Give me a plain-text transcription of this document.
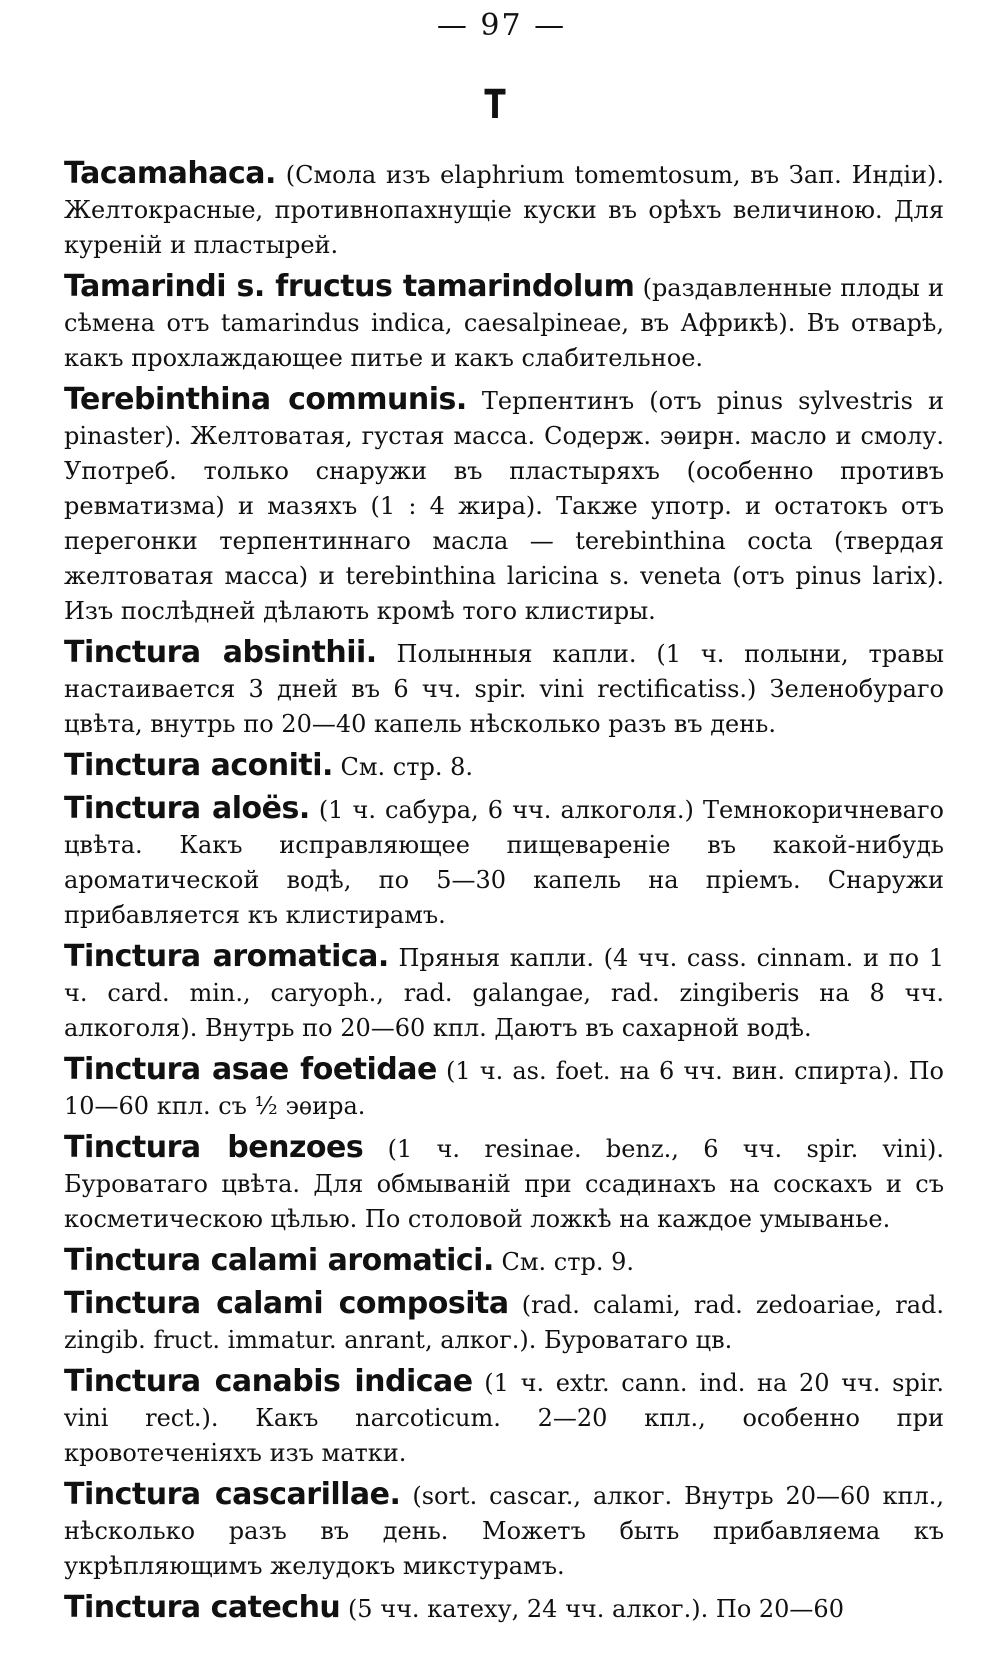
— 97 —
T

Tacamahaca. (Смола изъ elaphrium tomemtosum, въ Зап. Индіи). Желтокрасные, противнопахнущіе куски въ орѣхъ величиною. Для куреній и пластырей.

Tamarindi s. fructus tamarindolum (раздавленные плоды и сѣмена отъ tamarindus indica, caesalpineae, въ Африкѣ). Въ отварѣ, какъ прохлаждающее питье и какъ слабительное.

Terebinthina communis. Терпентинъ (отъ pinus sylvestris и pinaster). Желтоватая, густая масса. Содерж. эѳирн. масло и смолу. Употреб. только снаружи въ пластыряхъ (особенно противъ ревматизма) и мазяхъ (1 : 4 жира). Также употр. и остатокъ отъ перегонки терпентиннаго масла — terebinthina cocta (твердая желтоватая масса) и terebinthina laricina s. veneta (отъ pinus larix). Изъ послѣдней дѣлають кромѣ того клистиры.

Tinctura absinthii. Полынныя капли. (1 ч. полыни, травы настаивается 3 дней въ 6 чч. spir. vini rectificatiss.) Зеленобураго цвѣта, внутрь по 20—40 капель нѣсколько разъ въ день.

Tinctura aconiti. См. стр. 8.

Tinctura aloës. (1 ч. сабура, 6 чч. алкоголя.) Темнокоричневаго цвѣта. Какъ исправляющее пищевареніе въ какой-нибудь ароматической водѣ, по 5—30 капель на пріемъ. Снаружи прибавляется къ клистирамъ.

Tinctura aromatica. Пряныя капли. (4 чч. cass. cinnam. и по 1 ч. card. min., caryoph., rad. galangae, rad. zingiberis на 8 чч. алкоголя). Внутрь по 20—60 кпл. Даютъ въ сахарной водѣ.

Tinctura asae foetidae (1 ч. as. foet. на 6 чч. вин. спирта). По 10—60 кпл. съ ½ эѳира.

Tinctura benzoes (1 ч. resinae. benz., 6 чч. spir. vini). Буроватаго цвѣта. Для обмываній при ссадинахъ на соскахъ и съ косметическою цѣлью. По столовой ложкѣ на каждое умыванье.

Tinctura calami aromatici. См. стр. 9.

Tinctura calami composita (rad. calami, rad. zedoariae, rad. zingib. fruct. immatur. anrant, алког.). Буроватаго цв.

Tinctura canabis indicae (1 ч. extr. cann. ind. на 20 чч. spir. vini rect.). Какъ narcoticum. 2—20 кпл., особенно при кровотеченіяхъ изъ матки.

Tinctura cascarillae. (sort. cascar., алког. Внутрь 20—60 кпл., нѣсколько разъ въ день. Можетъ быть прибавляема къ укрѣпляющимъ желудокъ микстурамъ.

Tinctura catechu (5 чч. катеху, 24 чч. алког.). По 20—60
